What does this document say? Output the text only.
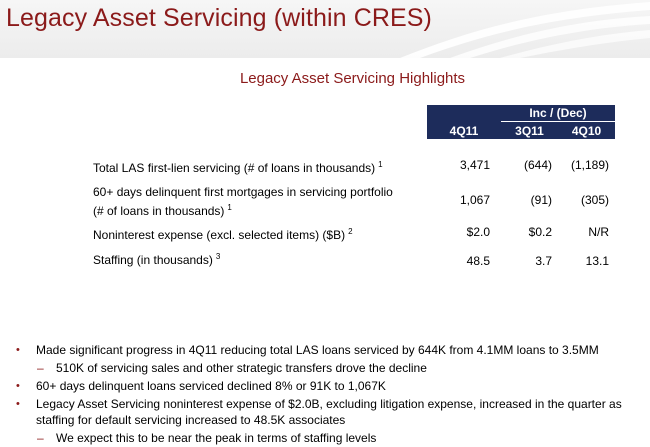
Legacy Asset Servicing (within CRES)
Legacy Asset Servicing Highlights
Inc / (Dec)
4Q11	3Q11	4Q10
Total LAS first-lien servicing (# of loans in thousands) $^1$	3,471	(644)	(1,189)
60+ days delinquent first mortgages in servicing portfolio
(# of loans in thousands) $^1$
1,067	(91)	(305)
Noninterest expense (excl. selected items) ($B) $^2$	$2.0	$0.2	N/R
Staffing (in thousands) $^3$	48.5	3.7	13.1
• Made significant progress in 4Q11 reducing total LAS loans serviced by 644K from 4.1MM loans to 3.5MM
– 510K of servicing sales and other strategic transfers drove the decline
• 60+ days delinquent loans serviced declined 8% or 91K to 1,067K
• Legacy Asset Servicing noninterest expense of $2.0B, excluding litigation expense, increased in the quarter as
staffing for default servicing increased to 48.5K associates
– We expect this to be near the peak in terms of staffing levels
